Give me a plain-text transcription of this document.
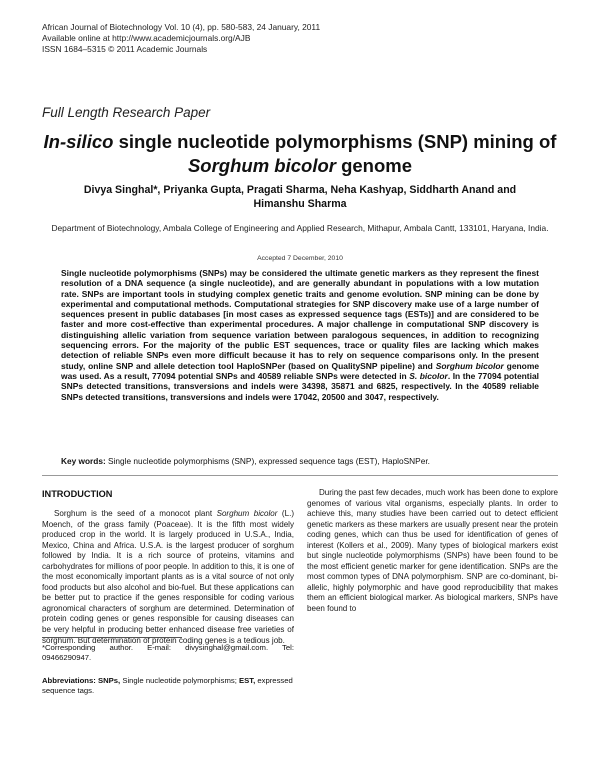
African Journal of Biotechnology Vol. 10 (4), pp. 580-583, 24 January, 2011
Available online at http://www.academicjournals.org/AJB
ISSN 1684–5315 © 2011 Academic Journals
Full Length Research Paper
In-silico single nucleotide polymorphisms (SNP) mining of Sorghum bicolor genome
Divya Singhal*, Priyanka Gupta, Pragati Sharma, Neha Kashyap, Siddharth Anand and Himanshu Sharma
Department of Biotechnology, Ambala College of Engineering and Applied Research, Mithapur, Ambala Cantt, 133101, Haryana, India.
Accepted 7 December, 2010
Single nucleotide polymorphisms (SNPs) may be considered the ultimate genetic markers as they represent the finest resolution of a DNA sequence (a single nucleotide), and are generally abundant in populations with a low mutation rate. SNPs are important tools in studying complex genetic traits and genome evolution. SNP mining can be done by experimental and computational methods. Computational strategies for SNP discovery make use of a large number of sequences present in public databases [in most cases as expressed sequence tags (ESTs)] and are considered to be faster and more cost-effective than experimental procedures. A major challenge in computational SNP discovery is distinguishing allelic variation from sequence variation between paralogous sequences, in addition to recognizing sequencing errors. For the majority of the public EST sequences, trace or quality files are lacking which makes detection of reliable SNPs even more difficult because it has to rely on sequence comparisons only. In the present study, online SNP and allele detection tool HaploSNPer (based on QualitySNP pipeline) and Sorghum bicolor genome was used. As a result, 77094 potential SNPs and 40589 reliable SNPs were detected in S. bicolor. In the 77094 potential SNPs detected transitions, transversions and indels were 34398, 35871 and 6825, respectively. In the 40589 reliable SNPs detected transitions, transversions and indels were 17042, 20500 and 3047, respectively.
Key words: Single nucleotide polymorphisms (SNP), expressed sequence tags (EST), HaploSNPer.
INTRODUCTION

Sorghum is the seed of a monocot plant Sorghum bicolor (L.) Moench, of the grass family (Poaceae). It is the fifth most widely produced crop in the world. It is largely produced in U.S.A., India, Mexico, China and Africa. U.S.A. is the largest producer of sorghum followed by India. It is a rich source of proteins, vitamins and carbohydrates for millions of poor people. In addition to this, it is one of the most economically important plants as is a vital source of not only food products but also alcohol and bio-fuel. But these applications can be better put to practice if the genes responsible for coding various agronomical characters of sorghum are determined. Determination of protein coding genes or genes responsible for causing diseases can be very helpful in producing better enhanced disease free varieties of sorghum. But determination of protein coding genes is a tedious job.

During the past few decades, much work has been done to explore genomes of various vital organisms, especially plants. In order to achieve this, many studies have been carried out to detect efficient genetic markers as these markers are usually present near the protein coding genes, which can thus be used for identification of genes of interest (Kollers et al., 2009). Many types of biological markers exist but single nucleotide polymorphisms (SNPs) have been found to be the most efficient genetic marker for gene identification. SNPs are the most common types of DNA polymorphism. SNP are co-dominant, bi-allelic, highly polymorphic and have good reproducibility that makes them an efficient biological marker. As biological markers, SNPs have been found to

*Corresponding author. E-mail: divysinghal@gmail.com. Tel: 09466290947.
Abbreviations: SNPs, Single nucleotide polymorphisms; EST, expressed sequence tags.
